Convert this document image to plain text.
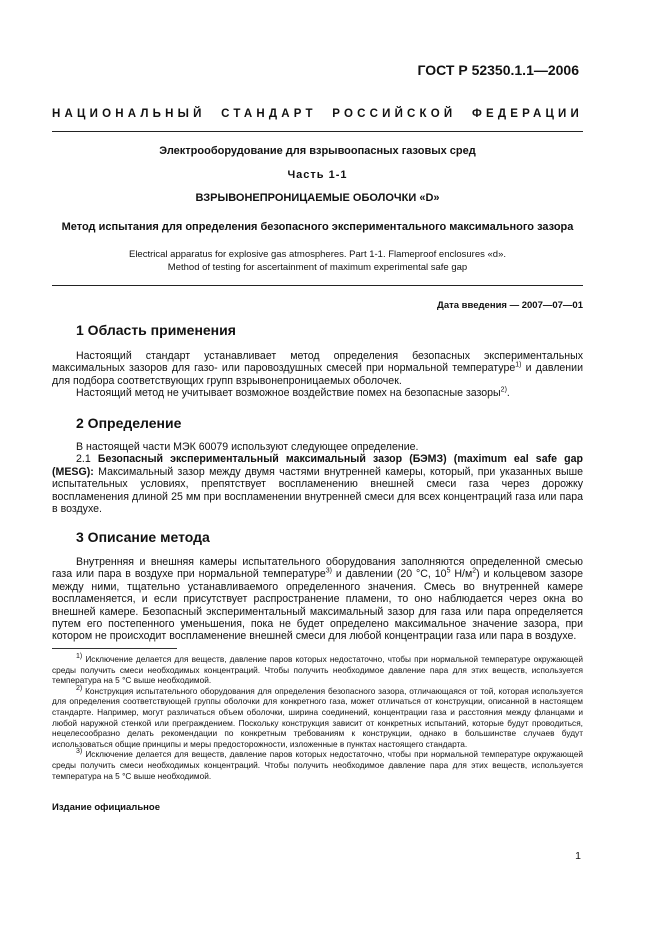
ГОСТ Р 52350.1.1—2006
НАЦИОНАЛЬНЫЙ СТАНДАРТ РОССИЙСКОЙ ФЕДЕРАЦИИ
Электрооборудование для взрывоопасных газовых сред
Часть 1-1
ВЗРЫВОНЕПРОНИЦАЕМЫЕ ОБОЛОЧКИ «D»
Метод испытания для определения безопасного экспериментального максимального зазора
Electrical apparatus for explosive gas atmospheres. Part 1-1. Flameproof enclosures «d».
Method of testing for ascertainment of maximum experimental safe gap
Дата введения — 2007—07—01
1 Область применения

Настоящий стандарт устанавливает метод определения безопасных экспериментальных максимальных зазоров для газо- или паровоздушных смесей при нормальной температуре$^{1)}$ и давлении для подбора соответствующих групп взрывонепроницаемых оболочек.

Настоящий метод не учитывает возможное воздействие помех на безопасные зазоры$^{2)}$.

2 Определение

В настоящей части МЭК 60079 используют следующее определение.

2.1 Безопасный экспериментальный максимальный зазор (БЭМЗ) (maximum eal safe gap (MESG): Максимальный зазор между двумя частями внутренней камеры, который, при указанных выше испытательных условиях, препятствует воспламенению внешней смеси газа через дорожку воспламенения длиной 25 мм при воспламенении внутренней смеси для всех концентраций газа или пара в воздухе.

3 Описание метода

Внутренняя и внешняя камеры испытательного оборудования заполняются определенной смесью газа или пара в воздухе при нормальной температуре$^{3)}$ и давлении (20 °C, $10^5$ $Н/м^2$) и кольцевом зазоре между ними, тщательно устанавливаемого определенного значения. Смесь во внутренней камере воспламеняется, и если присутствует распространение пламени, то оно наблюдается через окна во внешней камере. Безопасный экспериментальный максимальный зазор для газа или пара определяется путем его постепенного уменьшения, пока не будет определено максимальное значение зазора, при котором не происходит воспламенение внешней смеси для любой концентрации газа или пара в воздухе.

$^{1)}$ Исключение делается для веществ, давление паров которых недостаточно, чтобы при нормальной температуре окружающей среды получить смеси необходимых концентраций. Чтобы получить необходимое давление пара для этих веществ, используется температура на 5 °С выше необходимой.

$^{2)}$ Конструкция испытательного оборудования для определения безопасного зазора, отличающаяся от той, которая используется для определения соответствующей группы оболочки для конкретного газа, может отличаться от конструкции, описанной в настоящем стандарте. Например, могут различаться объем оболочки, ширина соединений, концентрации газа и расстояния между фланцами и любой наружной стенкой или преграждением. Поскольку конструкция зависит от конкретных испытаний, которые будут проводиться, нецелесообразно делать рекомендации по конкретным требованиям к конструкции, однако в большинстве случаев будут использоваться общие принципы и меры предосторожности, изложенные в пунктах настоящего стандарта.

$^{3)}$ Исключение делается для веществ, давление паров которых недостаточно, чтобы при нормальной температуре окружающей среды получить смеси необходимых концентраций. Чтобы получить необходимое давление пара для этих веществ, используется температура на 5 °С выше необходимой.

Издание официальное
1
